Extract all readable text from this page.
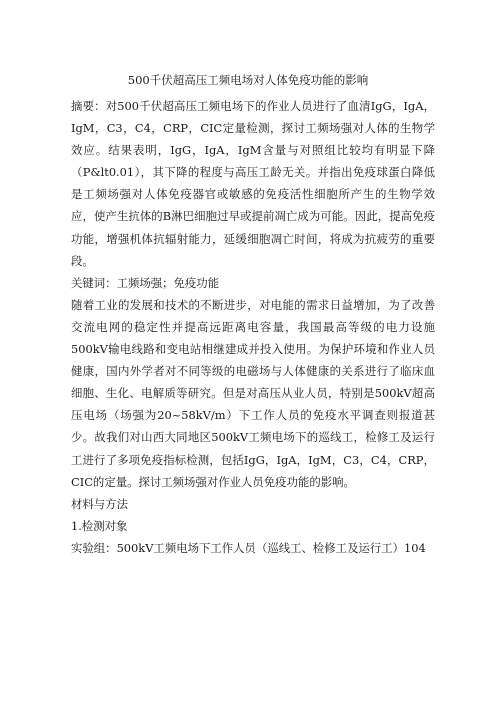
500千伏超高压工频电场对人体免疫功能的影响

摘要：对500千伏超高压工频电场下的作业人员进行了血清IgG，IgA，IgM，C3，C4，CRP，CIC定量检测，探讨工频场强对人体的生物学效应。结果表明，IgG，IgA，IgM含量与对照组比较均有明显下降（P&lt0.01），其下降的程度与高压工龄无关。并指出免疫球蛋白降低是工频场强对人体免疫器官或敏感的免疫活性细胞所产生的生物学效应，使产生抗体的B淋巴细胞过早或提前凋亡成为可能。因此，提高免疫功能，增强机体抗辐射能力，延缓细胞凋亡时间，将成为抗疲劳的重要段。

关键词：工频场强；免疫功能

随着工业的发展和技术的不断进步，对电能的需求日益增加，为了改善交流电网的稳定性并提高远距离电容量，我国最高等级的电力设施500kV输电线路和变电站相继建成并投入使用。为保护环境和作业人员健康，国内外学者对不同等级的电磁场与人体健康的关系进行了临床血细胞、生化、电解质等研究。但是对高压从业人员，特别是500kV超高压电场（场强为20~58kV/m）下工作人员的免疫水平调查则报道甚少。故我们对山西大同地区500kV工频电场下的巡线工，检修工及运行工进行了多项免疫指标检测，包括IgG，IgA，IgM，C3，C4，CRP，CIC的定量。探讨工频场强对作业人员免疫功能的影响。

材料与方法

1.检测对象

实验组：500kV工频电场下工作人员（巡线工、检修工及运行工）104
